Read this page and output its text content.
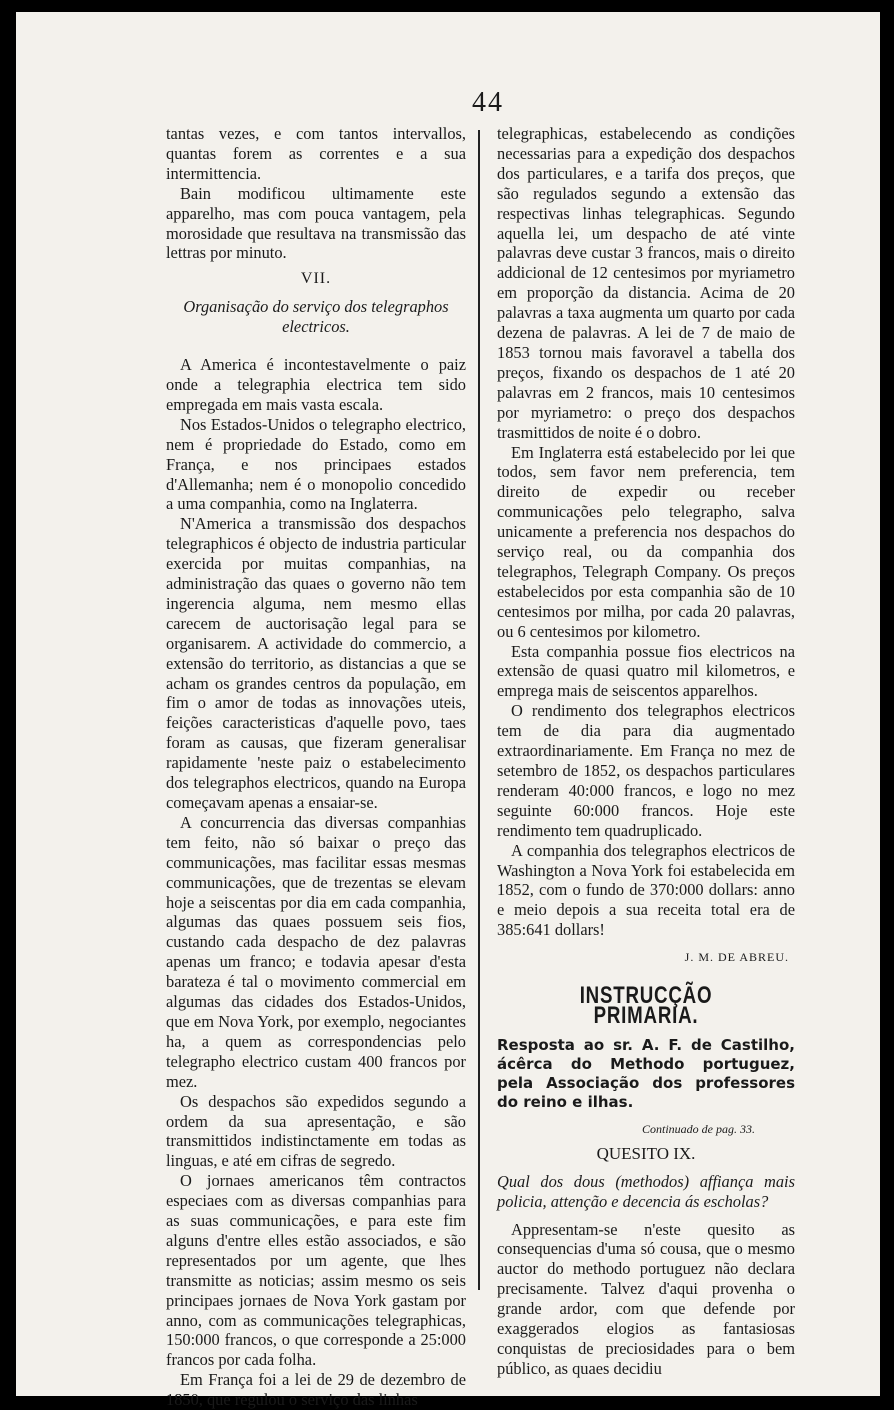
44

tantas vezes, e com tantos intervallos, quantas forem as correntes e a sua intermittencia.

Bain modificou ultimamente este apparelho, mas com pouca vantagem, pela morosidade que resultava na transmissão das lettras por minuto.

VII.
Organisação do serviço dos telegraphos electricos.

A America é incontestavelmente o paiz onde a telegraphia electrica tem sido empregada em mais vasta escala.

Nos Estados-Unidos o telegrapho electrico, nem é propriedade do Estado, como em França, e nos principaes estados d'Allemanha; nem é o monopolio concedido a uma companhia, como na Inglaterra.

N'America a transmissão dos despachos telegraphicos é objecto de industria particular exercida por muitas companhias, na administração das quaes o governo não tem ingerencia alguma, nem mesmo ellas carecem de auctorisação legal para se organisarem. A actividade do commercio, a extensão do territorio, as distancias a que se acham os grandes centros da população, em fim o amor de todas as innovações uteis, feições caracteristicas d'aquelle povo, taes foram as causas, que fizeram generalisar rapidamente 'neste paiz o estabelecimento dos telegraphos electricos, quando na Europa começavam apenas a ensaiar-se.

A concurrencia das diversas companhias tem feito, não só baixar o preço das communicações, mas facilitar essas mesmas communicações, que de trezentas se elevam hoje a seiscentas por dia em cada companhia, algumas das quaes possuem seis fios, custando cada despacho de dez palavras apenas um franco; e todavia apesar d'esta barateza é tal o movimento commercial em algumas das cidades dos Estados-Unidos, que em Nova York, por exemplo, negociantes ha, a quem as correspondencias pelo telegrapho electrico custam 400 francos por mez.

Os despachos são expedidos segundo a ordem da sua apresentação, e são transmittidos indistinctamente em todas as linguas, e até em cifras de segredo.

O jornaes americanos têm contractos especiaes com as diversas companhias para as suas communicações, e para este fim alguns d'entre elles estão associados, e são representados por um agente, que lhes transmitte as noticias; assim mesmo os seis principaes jornaes de Nova York gastam por anno, com as communicações telegraphicas, 150:000 francos, o que corresponde a 25:000 francos por cada folha.

Em França foi a lei de 29 de dezembro de 1850, que regulou o serviço das linhas

telegraphicas, estabelecendo as condições necessarias para a expedição dos despachos dos particulares, e a tarifa dos preços, que são regulados segundo a extensão das respectivas linhas telegraphicas. Segundo aquella lei, um despacho de até vinte palavras deve custar 3 francos, mais o direito addicional de 12 centesimos por myriametro em proporção da distancia. Acima de 20 palavras a taxa augmenta um quarto por cada dezena de palavras. A lei de 7 de maio de 1853 tornou mais favoravel a tabella dos preços, fixando os despachos de 1 até 20 palavras em 2 francos, mais 10 centesimos por myriametro: o preço dos despachos trasmittidos de noite é o dobro.

Em Inglaterra está estabelecido por lei que todos, sem favor nem preferencia, tem direito de expedir ou receber communicações pelo telegrapho, salva unicamente a preferencia nos despachos do serviço real, ou da companhia dos telegraphos, Telegraph Company. Os preços estabelecidos por esta companhia são de 10 centesimos por milha, por cada 20 palavras, ou 6 centesimos por kilometro.

Esta companhia possue fios electricos na extensão de quasi quatro mil kilometros, e emprega mais de seiscentos apparelhos.

O rendimento dos telegraphos electricos tem de dia para dia augmentado extraordinariamente. Em França no mez de setembro de 1852, os despachos particulares renderam 40:000 francos, e logo no mez seguinte 60:000 francos. Hoje este rendimento tem quadruplicado.

A companhia dos telegraphos electricos de Washington a Nova York foi estabelecida em 1852, com o fundo de 370:000 dollars: anno e meio depois a sua receita total era de 385:641 dollars!

J. M. DE ABREU.
INSTRUCÇÃO PRIMARIA.
Resposta ao sr. A. F. de Castilho, ácêrca do Methodo portuguez, pela Associação dos professores do reino e ilhas.
Continuado de pag. 33.
QUESITO IX.
Qual dos dous (methodos) affiança mais policia, attenção e decencia ás escholas?

Appresentam-se n'este quesito as consequencias d'uma só cousa, que o mesmo auctor do methodo portuguez não declara precisamente. Talvez d'aqui provenha o grande ardor, com que defende por exaggerados elogios as fantasiosas conquistas de preciosidades para o bem público, as quaes decidiu
